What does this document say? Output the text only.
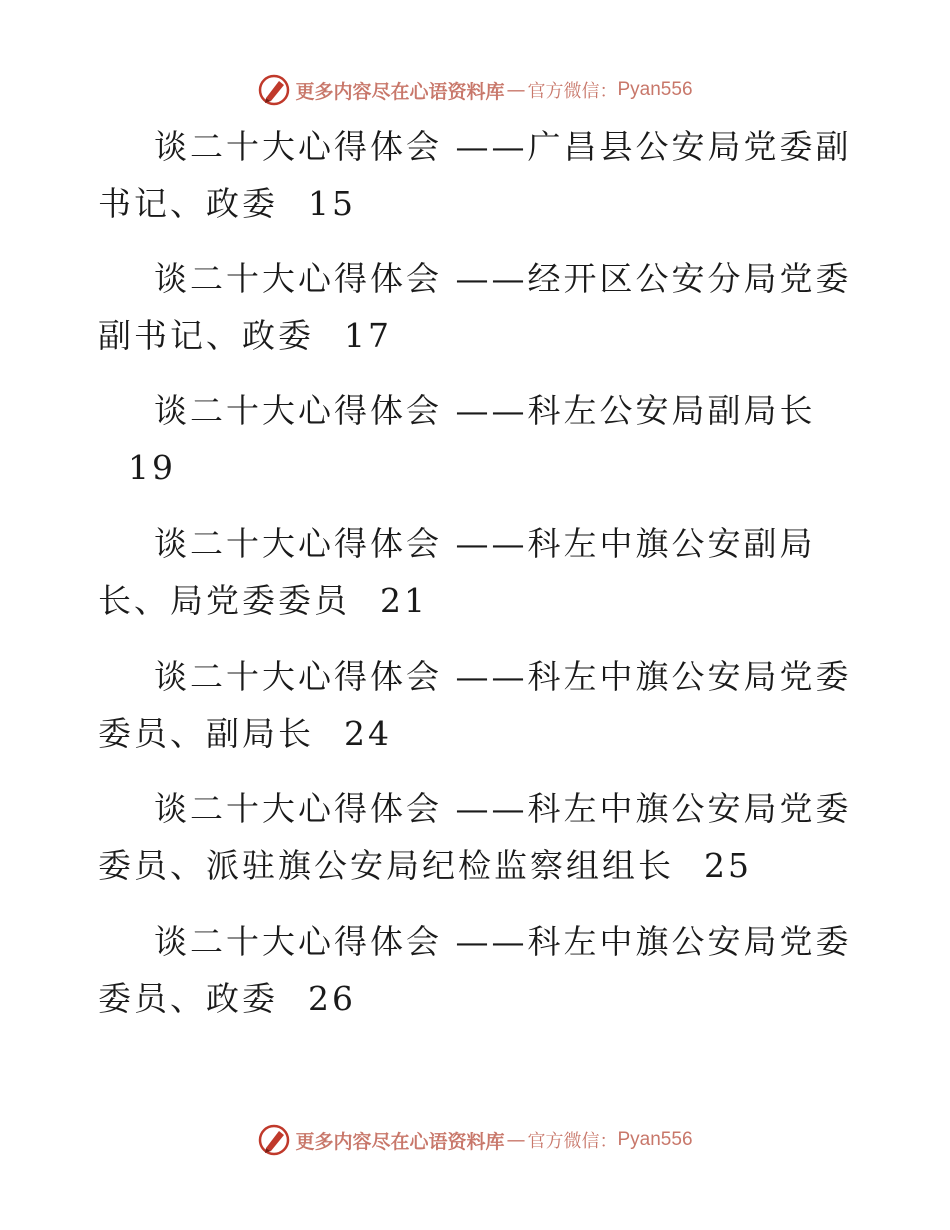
更多内容尽在心语资料库 — 官方微信： Pyan556

谈二十大心得体会 ——广昌县公安局党委副书记、政委 15

谈二十大心得体会 ——经开区公安分局党委副书记、政委 17

谈二十大心得体会 ——科左公安局副局长19

谈二十大心得体会 ——科左中旗公安副局长、局党委委员 21

谈二十大心得体会 ——科左中旗公安局党委委员、副局长 24

谈二十大心得体会 ——科左中旗公安局党委委员、派驻旗公安局纪检监察组组长 25

谈二十大心得体会 ——科左中旗公安局党委委员、政委 26

更多内容尽在心语资料库 — 官方微信： Pyan556
